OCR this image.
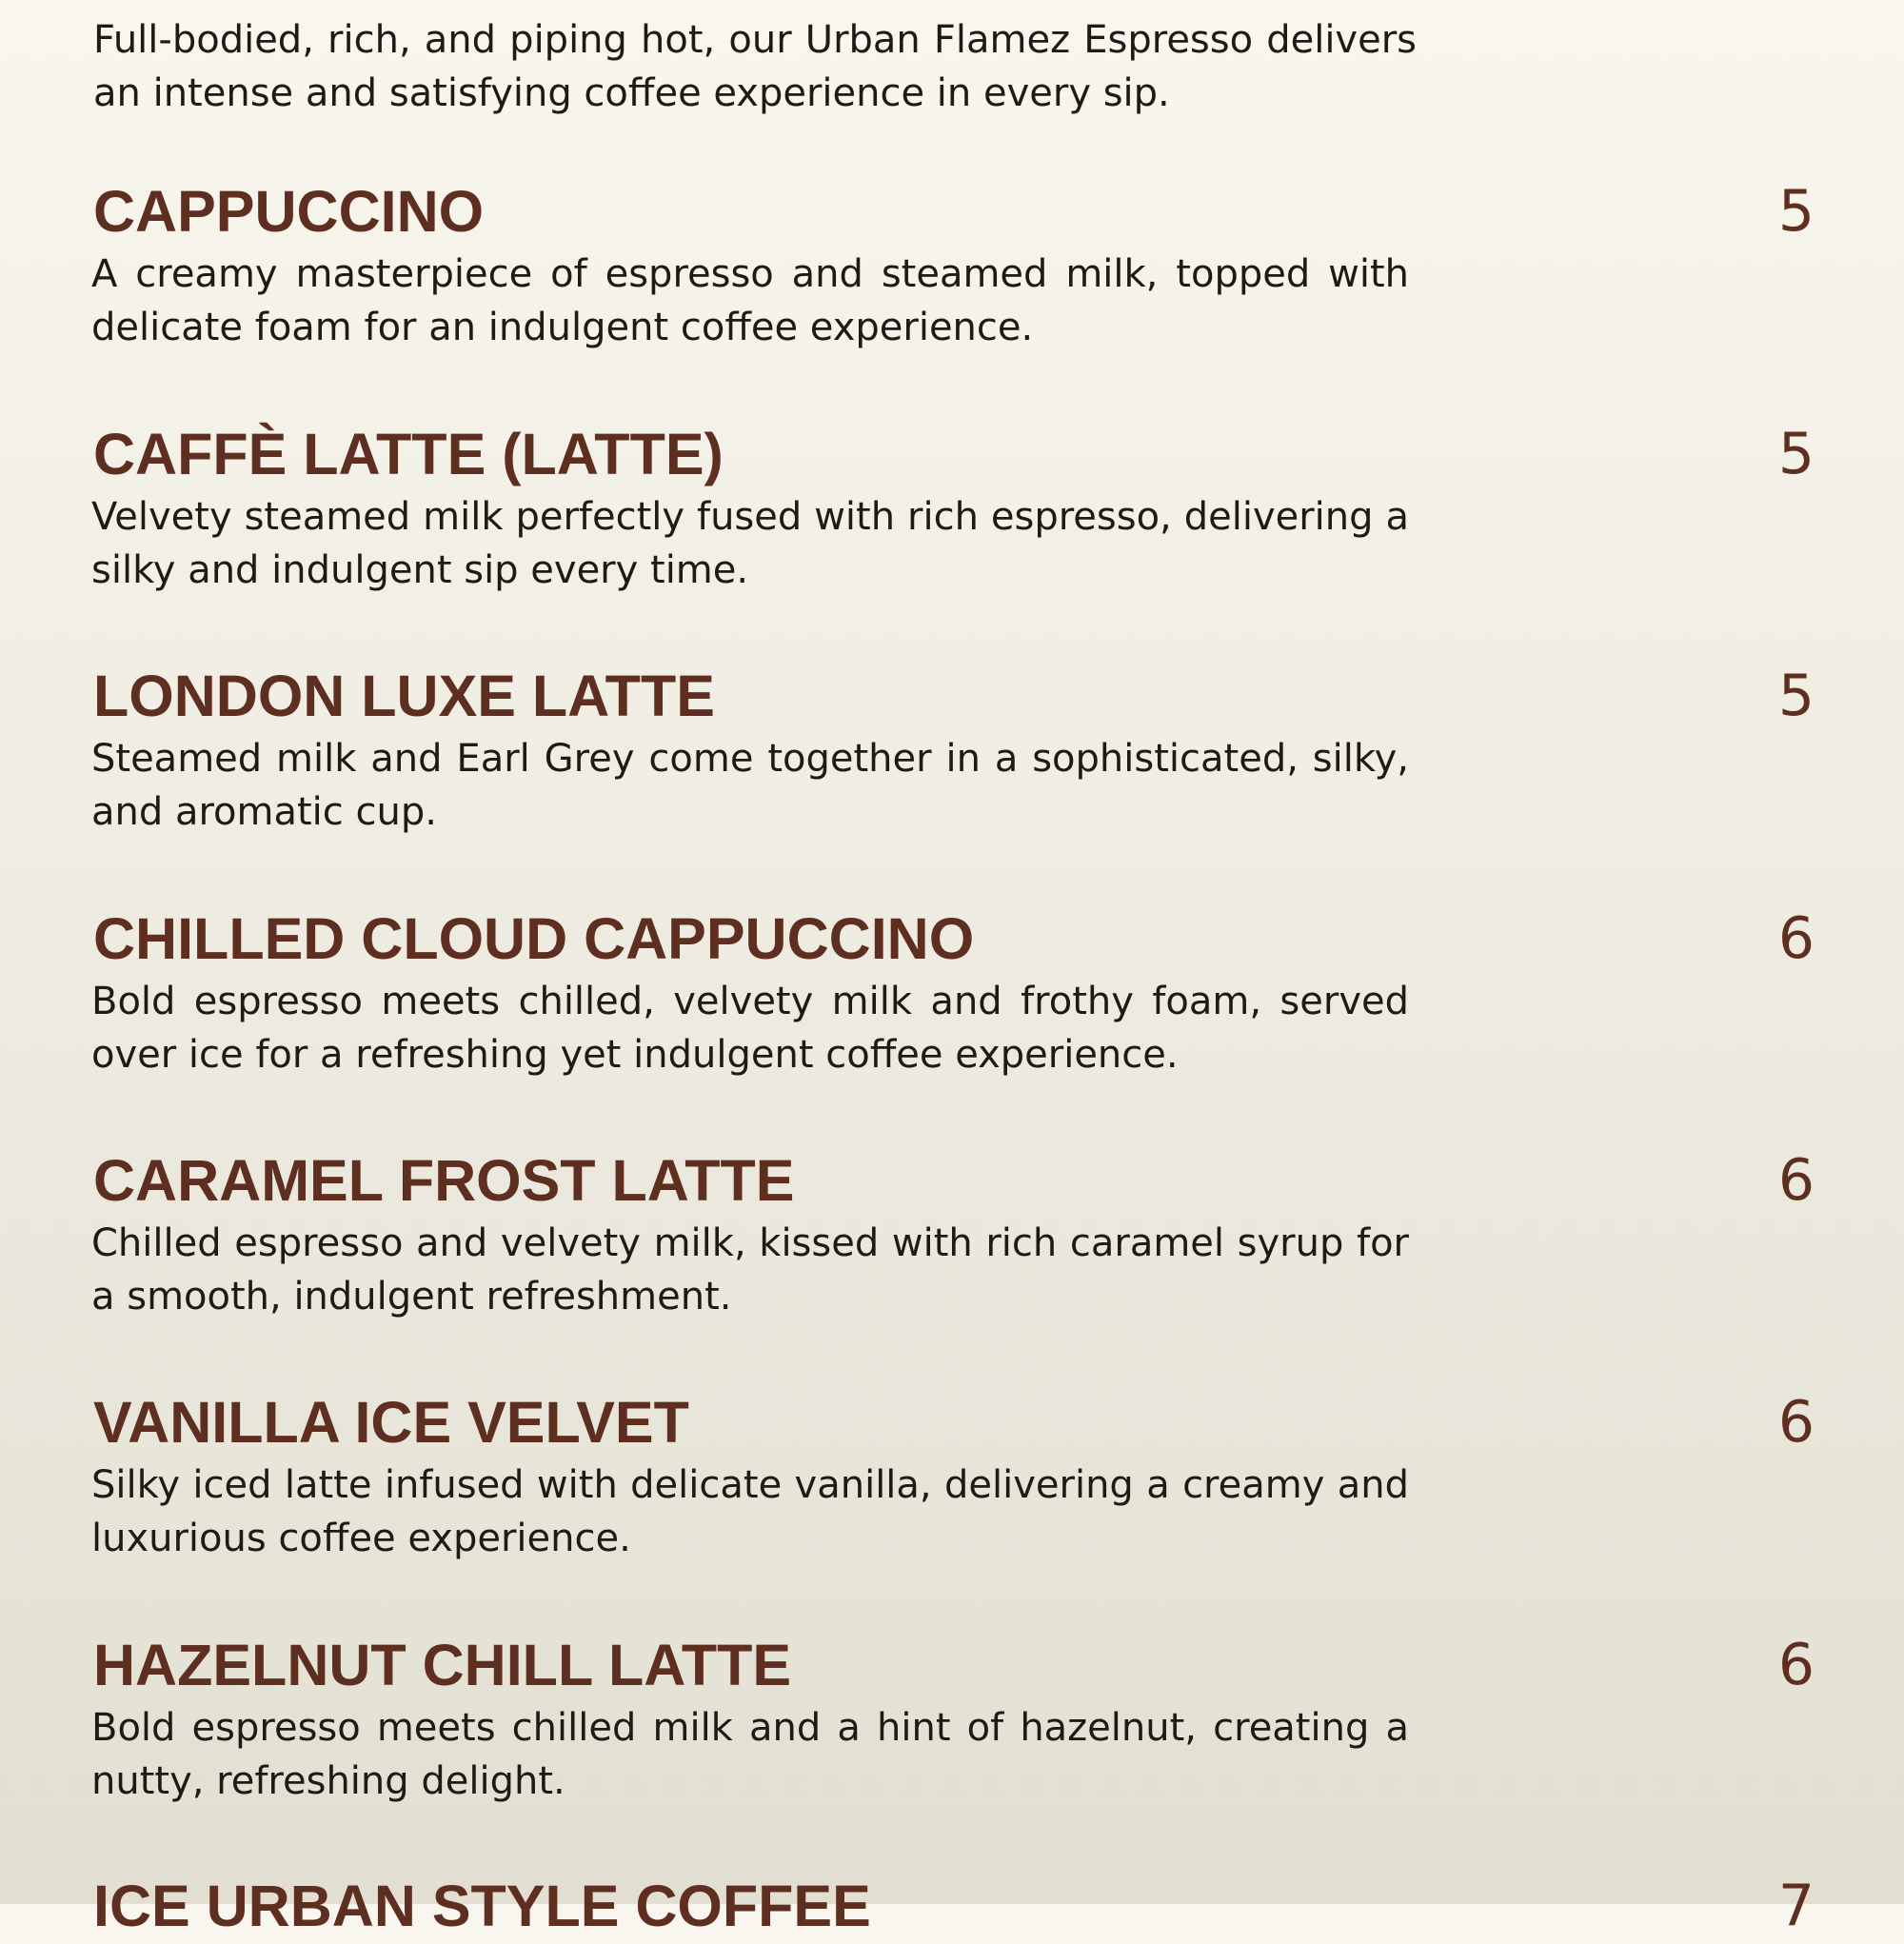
Full-bodied, rich, and piping hot, our Urban Flamez Espresso delivers an intense and satisfying coffee experience in every sip.

CAPPUCCINO	5

A creamy masterpiece of espresso and steamed milk, topped with delicate foam for an indulgent coffee experience.

CAFFÈ LATTE (LATTE)	5

Velvety steamed milk perfectly fused with rich espresso, delivering a silky and indulgent sip every time.

LONDON LUXE LATTE	5

Steamed milk and Earl Grey come together in a sophisticated, silky, and aromatic cup.

CHILLED CLOUD CAPPUCCINO	6

Bold espresso meets chilled, velvety milk and frothy foam, served over ice for a refreshing yet indulgent coffee experience.

CARAMEL FROST LATTE	6

Chilled espresso and velvety milk, kissed with rich caramel syrup for a smooth, indulgent refreshment.

VANILLA ICE VELVET	6

Silky iced latte infused with delicate vanilla, delivering a creamy and luxurious coffee experience.

HAZELNUT CHILL LATTE	6

Bold espresso meets chilled milk and a hint of hazelnut, creating a nutty, refreshing delight.

ICE URBAN STYLE COFFEE	7
